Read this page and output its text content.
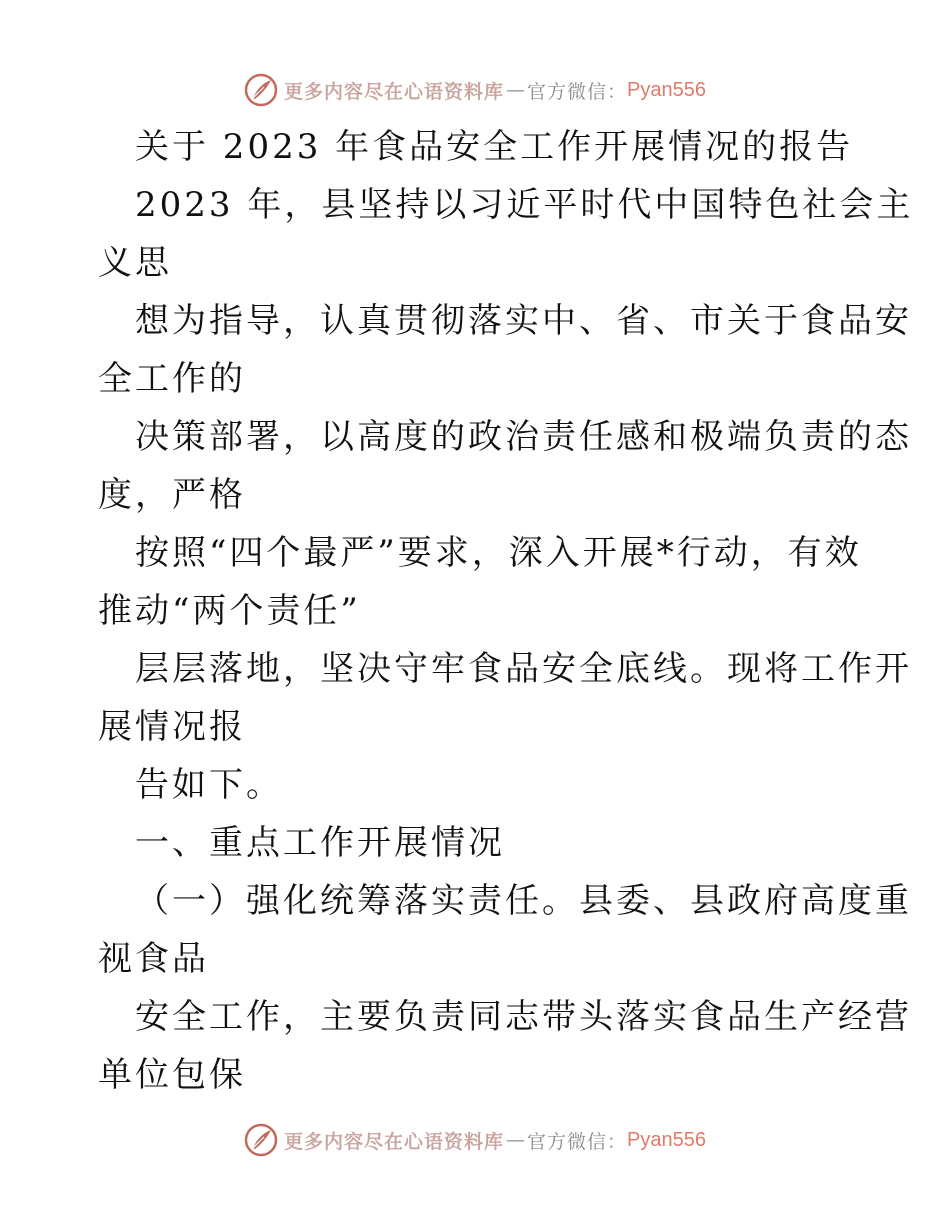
更多内容尽在心语资料库 — 官方微信： Pyan556
关于 2023 年食品安全工作开展情况的报告
2023 年，县坚持以习近平时代中国特色社会主
义思
想为指导，认真贯彻落实中、省、市关于食品安
全工作的
决策部署，以高度的政治责任感和极端负责的态
度，严格
按照“四个最严”要求，深入开展*行动，有效
推动“两个责任”
层层落地，坚决守牢食品安全底线。现将工作开
展情况报
告如下。
一、重点工作开展情况
（一）强化统筹落实责任。县委、县政府高度重
视食品
安全工作，主要负责同志带头落实食品生产经营
单位包保
更多内容尽在心语资料库 — 官方微信： Pyan556
